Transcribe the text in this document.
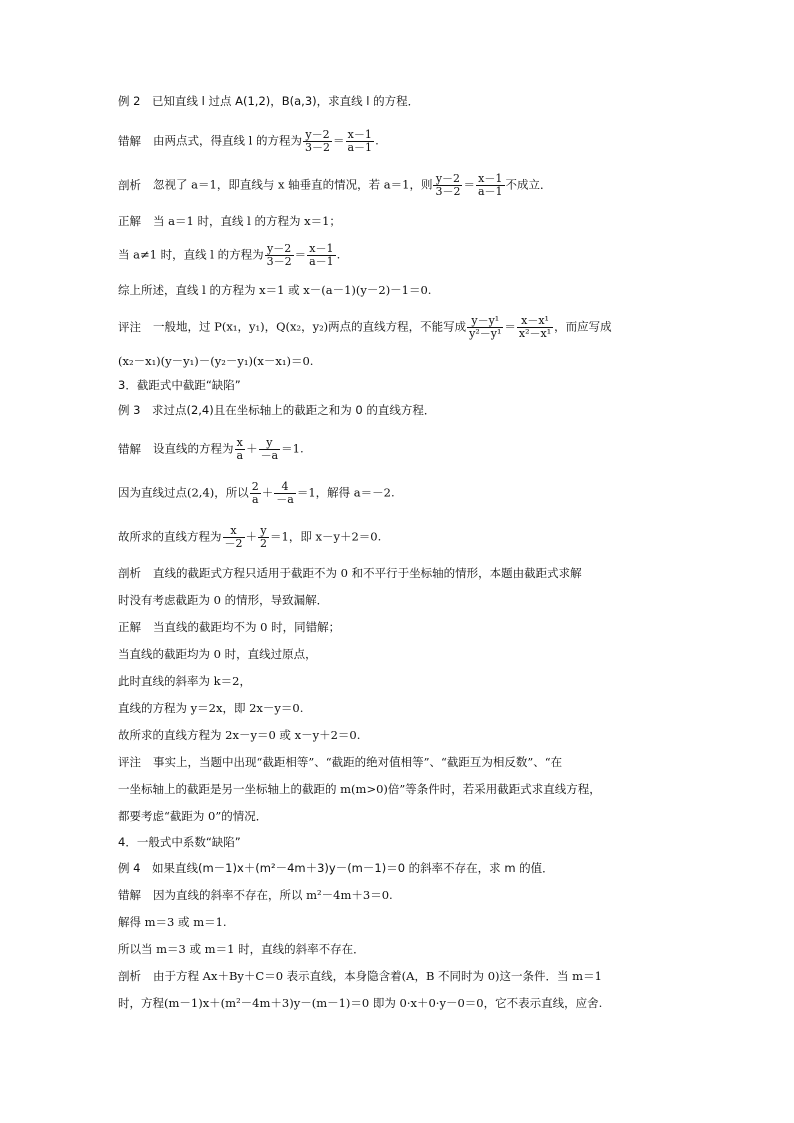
例 2　已知直线 l 过点 A(1,2)，B(a,3)，求直线 l 的方程．
错解 由两点式，得直线 l 的方程为 $\frac{y-2}{3-2} = \frac{x-1}{a-1}$ .
剖析 忽视了 a＝1，即直线与 x 轴垂直的情况，若 a＝1，则 $\frac{y-2}{3-2} = \frac{x-1}{a-1}$ 不成立．
正解 当 a＝1 时，直线 l 的方程为 x＝1；
当 a≠1 时，直线 l 的方程为 $\frac{y-2}{3-2} = \frac{x-1}{a-1}$ .
综上所述，直线 l 的方程为 x＝1 或 x－(a－1)(y－2)－1＝0.
评注 一般地，过 P(x₁，y₁)，Q(x₂，y₂)两点的直线方程，不能写成 $\frac{\text{y－y¹}}{\text{y²－y¹}} = \frac{\text{x－x¹}}{\text{x²－x¹}}$ ，而应写成
(x₂－x₁)(y－y₁)－(y₂－y₁)(x－x₁)＝0.
3．截距式中截距“缺陷”
例 3　求过点(2,4)且在坐标轴上的截距之和为 0 的直线方程．
错解 设直线的方程为 $\frac{x}{a} + \frac{y}{-a} =1$.
因为直线过点(2,4)，所以 $\frac{2}{a} + \frac{4}{-a} =1$，解得 a＝－2.
故所求的直线方程为 $\frac{x}{-2} + \frac{y}{2} =1$，即 x－y＋2＝0.
剖析 直线的截距式方程只适用于截距不为 0 和不平行于坐标轴的情形，本题由截距式求解
时没有考虑截距为 0 的情形，导致漏解．
正解 当直线的截距均不为 0 时，同错解；
当直线的截距均为 0 时，直线过原点，
此时直线的斜率为 k＝2，
直线的方程为 y＝2x，即 2x－y＝0.
故所求的直线方程为 2x－y＝0 或 x－y＋2＝0.
评注 事实上，当题中出现“截距相等”、“截距的绝对值相等”、“截距互为相反数”、“在
一坐标轴上的截距是另一坐标轴上的截距的 m(m>0)倍”等条件时，若采用截距式求直线方程，
都要考虑“截距为 0”的情况．
4．一般式中系数“缺陷”
例 4　如果直线(m－1)x＋(m²－4m＋3)y－(m－1)＝0 的斜率不存在，求 m 的值．
错解 因为直线的斜率不存在，所以 m²－4m＋3＝0.
解得 m＝3 或 m＝1.
所以当 m＝3 或 m＝1 时，直线的斜率不存在．
剖析 由于方程 Ax＋By＋C＝0 表示直线，本身隐含着(A，B 不同时为 0)这一条件．当 m＝1
时，方程(m－1)x＋(m²－4m＋3)y－(m－1)＝0 即为 0·x＋0·y－0＝0，它不表示直线，应舍.
